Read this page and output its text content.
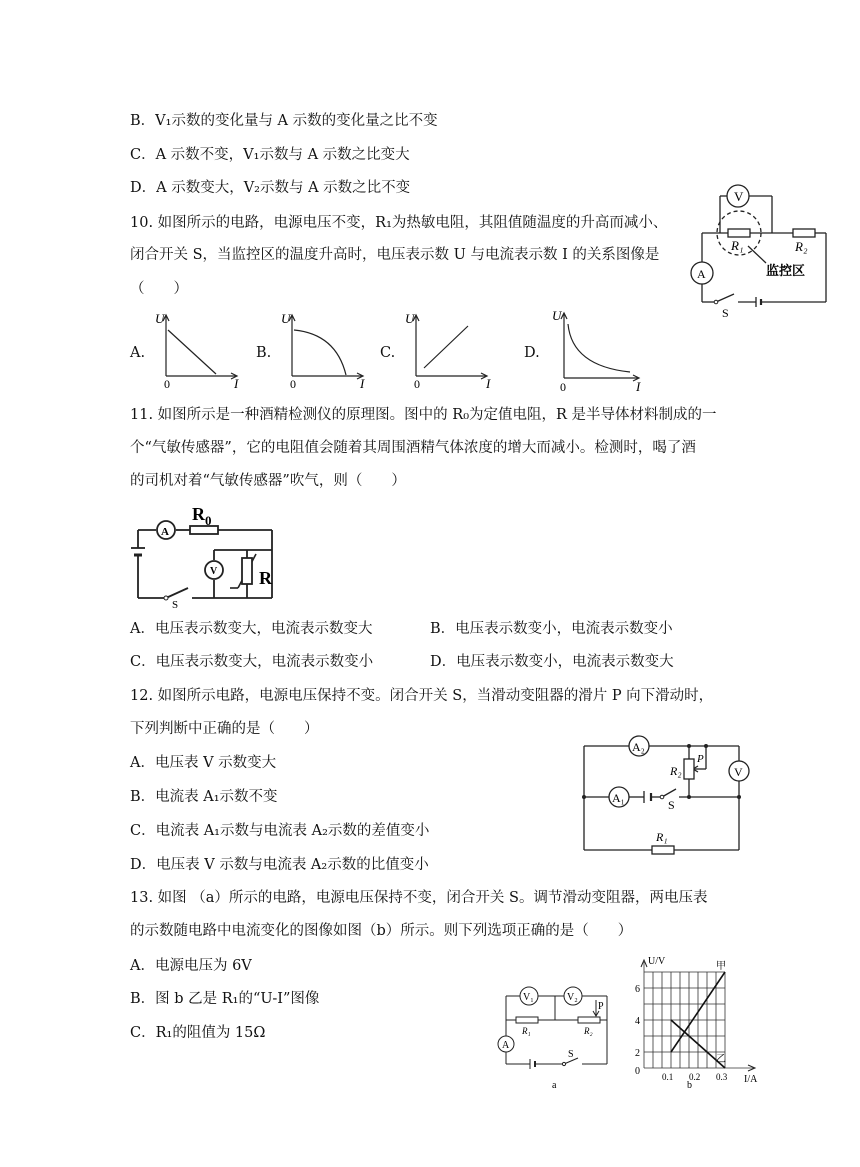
B．V₁示数的变化量与 A 示数的变化量之比不变
C．A 示数不变，V₁示数与 A 示数之比变大
D．A 示数变大，V₂示数与 A 示数之比不变
10. 如图所示的电路，电源电压不变，R₁为热敏电阻，其阻值随温度的升高而减小、
闭合开关 S，当监控区的温度升高时，电压表示数 U 与电流表示数 I 的关系图像是
（　　）
V
A
R₁	R₂
监控区
S
A.
U
0	I
B.
U
0	I
C.
U
0	I
D.
U
0	I
11. 如图所示是一种酒精检测仪的原理图。图中的 R₀为定值电阻，R 是半导体材料制成的一
个“气敏传感器”，它的电阻值会随着其周围酒精气体浓度的增大而减小。检测时，喝了酒
的司机对着“气敏传感器”吹气，则（　　）
A
V
$R_0$
R
S
A．电压表示数变大，电流表示数变大	B．电压表示数变小，电流表示数变小
C．电压表示数变大，电流表示数变小	D．电压表示数变小，电流表示数变大
12. 如图所示电路，电源电压保持不变。闭合开关 S，当滑动变阻器的滑片 P 向下滑动时，
下列判断中正确的是（　　）
A．电压表 V 示数变大
B．电流表 A₁示数不变
C．电流表 A₁示数与电流表 A₂示数的差值变小
D．电压表 V 示数与电流表 A₂示数的比值变小
A₂
R₂
P
V
A₁	S
R₁
13. 如图 （a）所示的电路，电源电压保持不变，闭合开关 S。调节滑动变阻器，两电压表
的示数随电路中电流变化的图像如图（b）所示。则下列选项正确的是（　　）
A．电源电压为 6V
B．图 b 乙是 R₁的“U-I”图像
C．R₁的阻值为 15Ω
V₁	V₂
P
R₁	R₂
A
S
a
U/V
I/A
甲
乙
6
4
2
0 0.1 0.2 0.3
b
